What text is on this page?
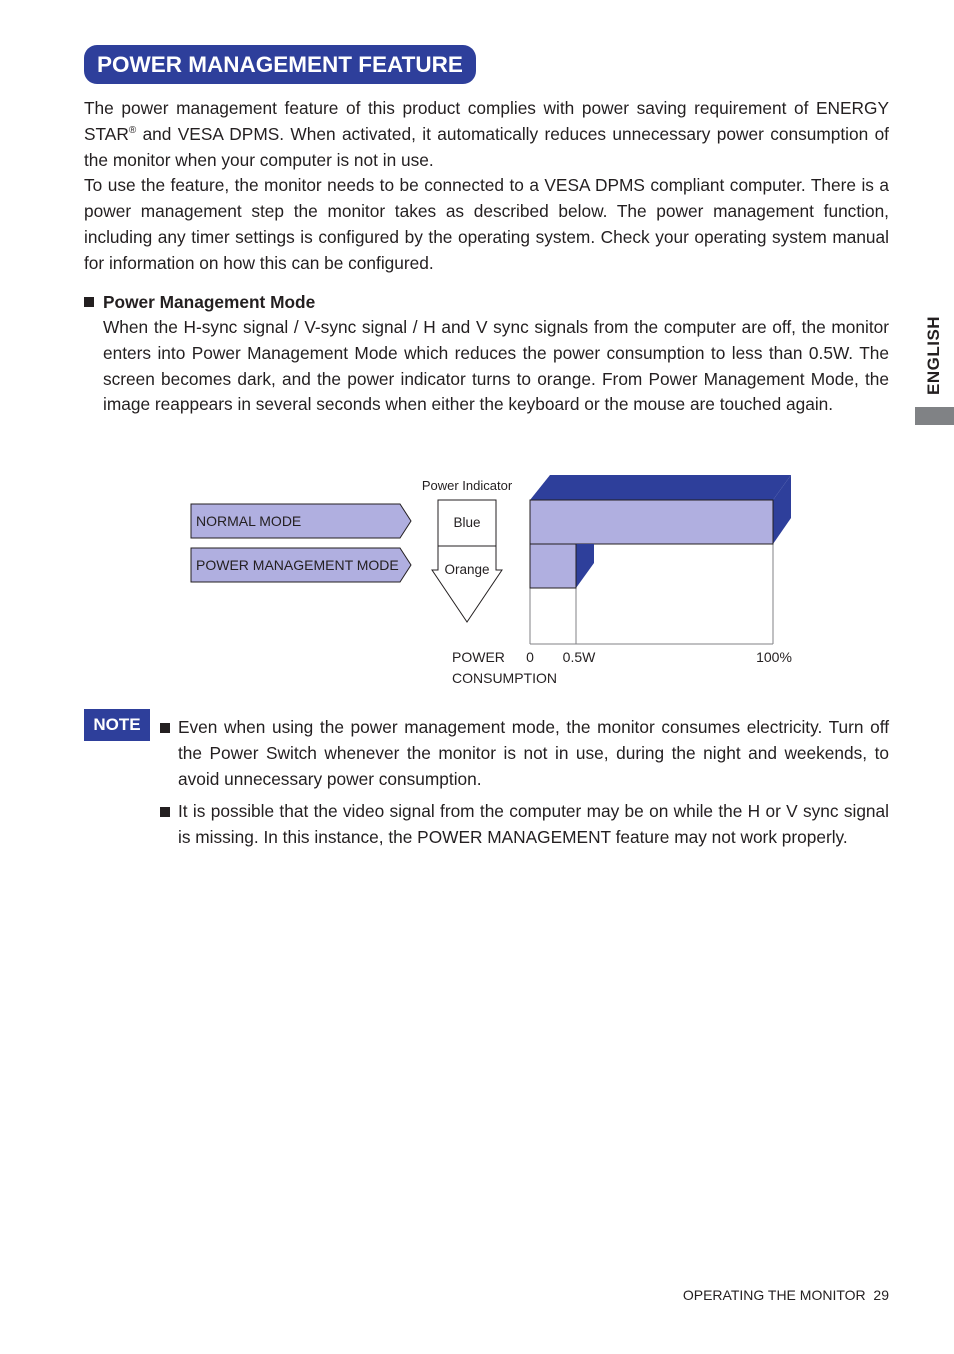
POWER MANAGEMENT FEATURE

The power management feature of this product complies with power saving requirement of ENERGY STAR® and VESA DPMS. When activated, it automatically reduces unnecessary power consumption of the monitor when your computer is not in use.
To use the feature, the monitor needs to be connected to a VESA DPMS compliant computer. There is a power management step the monitor takes as described below. The power management function, including any timer settings is configured by the operating system. Check your operating system manual for information on how this can be configured.

Power Management Mode

When the H-sync signal / V-sync signal / H and V sync signals from the computer are off, the monitor enters into Power Management Mode which reduces the power consumption to less than 0.5W. The screen becomes dark, and the power indicator turns to orange. From Power Management Mode, the image reappears in several seconds when either the keyboard or the mouse are touched again.

ENGLISH
NORMAL MODE
POWER MANAGEMENT MODE
Power Indicator
Blue
Orange
POWER
CONSUMPTION
0 0.5W	100%
NOTE	Even when using the power management mode, the monitor consumes electricity. Turn off the Power Switch whenever the monitor is not in use, during the night and weekends, to avoid unnecessary power consumption.

It is possible that the video signal from the computer may be on while the H or V sync signal is missing. In this instance, the POWER MANAGEMENT feature may not work properly.

OPERATING THE MONITOR 29
